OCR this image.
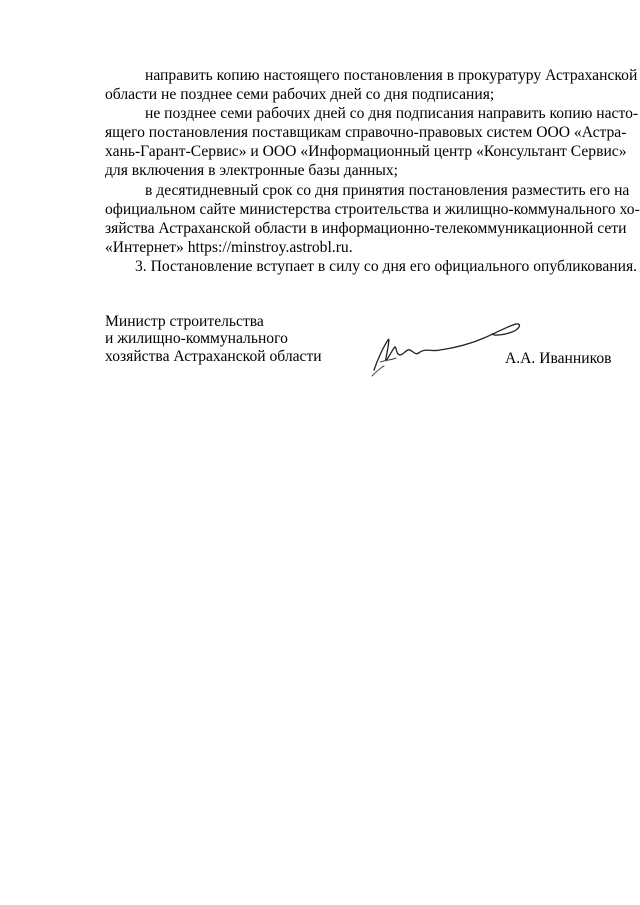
направить копию настоящего постановления в прокуратуру Астраханской
области не позднее семи рабочих дней со дня подписания;
не позднее семи рабочих дней со дня подписания направить копию насто-
ящего постановления поставщикам справочно-правовых систем ООО «Астра-
хань-Гарант-Сервис» и ООО «Информационный центр «Консультант Сервис»
для включения в электронные базы данных;
в десятидневный срок со дня принятия постановления разместить его на
официальном сайте министерства строительства и жилищно-коммунального хо-
зяйства Астраханской области в информационно-телекоммуникационной сети
«Интернет» https://minstroy.astrobl.ru.
3. Постановление вступает в силу со дня его официального опубликования.
Министр строительства
и жилищно-коммунального
хозяйства Астраханской области	А.А. Иванников
